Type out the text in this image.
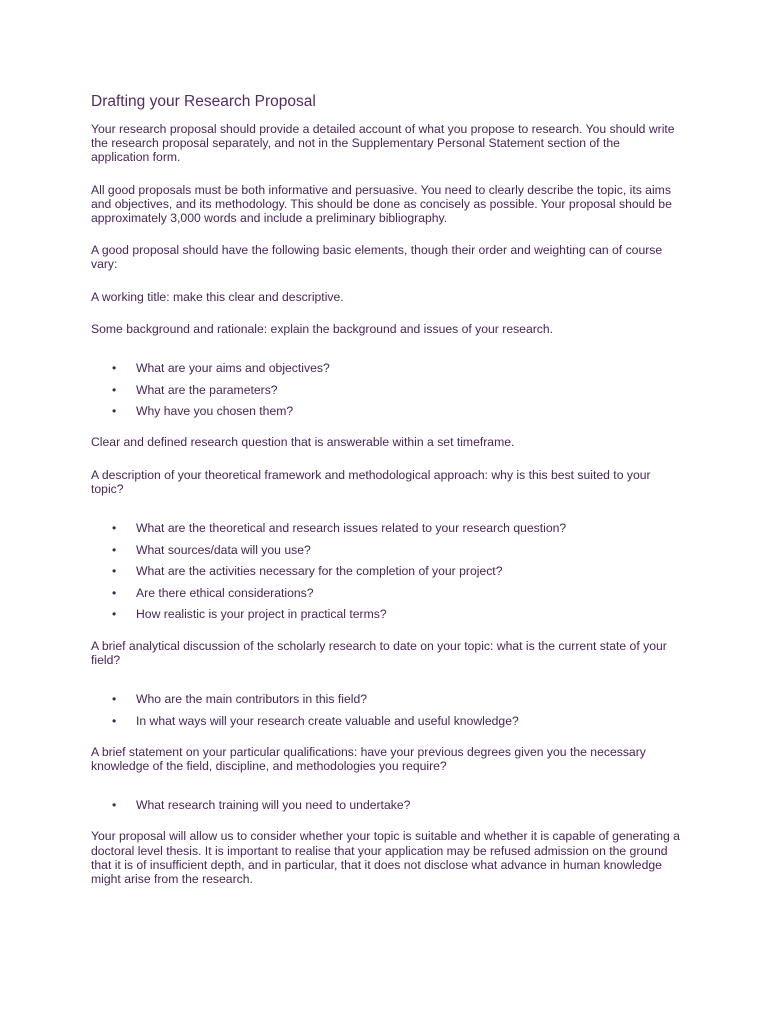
Drafting your Research Proposal

Your research proposal should provide a detailed account of what you propose to research. You should write the research proposal separately, and not in the Supplementary Personal Statement section of the application form.

All good proposals must be both informative and persuasive. You need to clearly describe the topic, its aims and objectives, and its methodology. This should be done as concisely as possible. Your proposal should be approximately 3,000 words and include a preliminary bibliography.

A good proposal should have the following basic elements, though their order and weighting can of course vary:

A working title: make this clear and descriptive.

Some background and rationale: explain the background and issues of your research.

• What are your aims and objectives?
• What are the parameters?
• Why have you chosen them?

Clear and defined research question that is answerable within a set timeframe.

A description of your theoretical framework and methodological approach: why is this best suited to your topic?

• What are the theoretical and research issues related to your research question?
• What sources/data will you use?
• What are the activities necessary for the completion of your project?
• Are there ethical considerations?
• How realistic is your project in practical terms?

A brief analytical discussion of the scholarly research to date on your topic: what is the current state of your field?

• Who are the main contributors in this field?
• In what ways will your research create valuable and useful knowledge?

A brief statement on your particular qualifications: have your previous degrees given you the necessary knowledge of the field, discipline, and methodologies you require?

• What research training will you need to undertake?

Your proposal will allow us to consider whether your topic is suitable and whether it is capable of generating a doctoral level thesis. It is important to realise that your application may be refused admission on the ground that it is of insufficient depth, and in particular, that it does not disclose what advance in human knowledge might arise from the research.
